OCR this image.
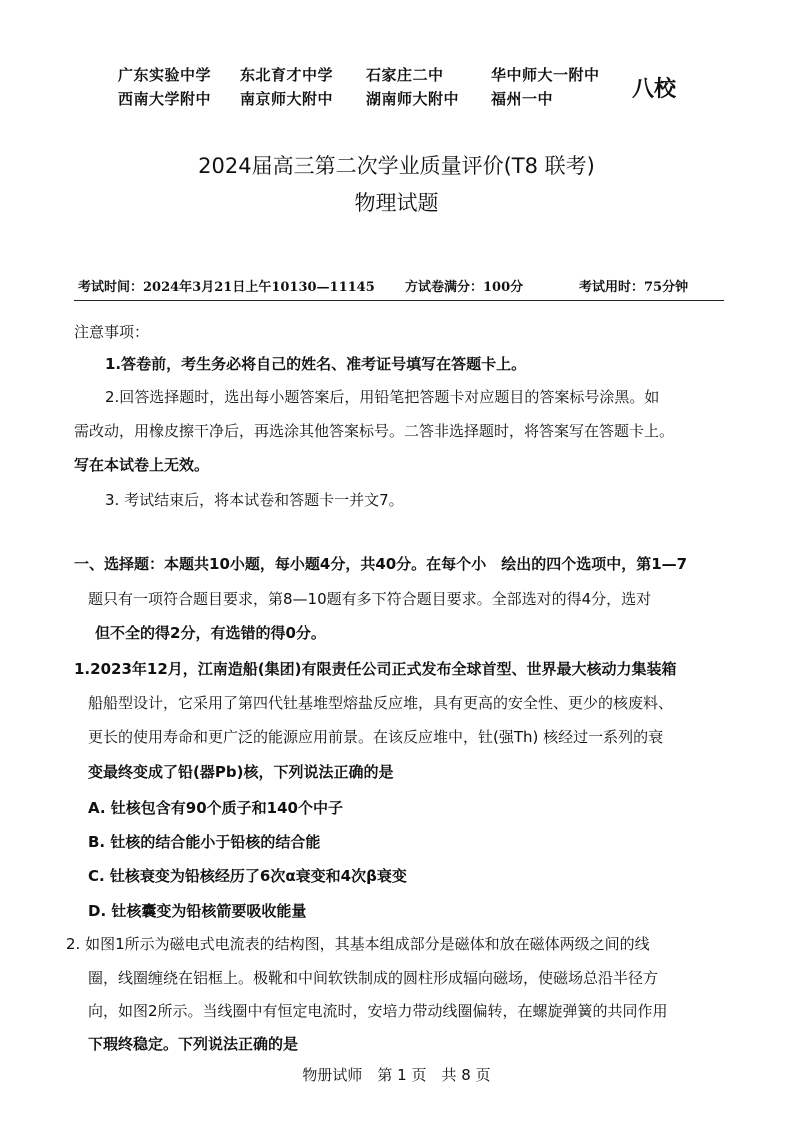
广东实验中学 东北育才中学 石家庄二中	华中师大一附中
西南大学附中 南京师大附中 湖南师大附中 福州一中	八校
2024届高三第二次学业质量评价(T8 联考)
物理试题
考试时间：2024年3月21日上午10130—11145 方试卷满分：100分	考试用时：75分钟
注意事项：
1.答卷前，考生务必将自己的姓名、准考证号填写在答题卡上。
2.回答选择题时，选出每小题答案后，用铅笔把答题卡对应题目的答案标号涂黑。如
需改动，用橡皮擦干净后，再选涂其他答案标号。二答非选择题时，将答案写在答题卡上。
写在本试卷上无效。
3. 考试结束后，将本试卷和答题卡一并文7。
一、选择题：本题共10小题，每小题4分，共40分。在每个小　绘出的四个选项中，第1—7
题只有一项符合题目要求，第8—10题有多下符合题目要求。全部选对的得4分，选对
但不全的得2分，有选错的得0分。
1.2023年12月，江南造船(集团)有限责任公司正式发布全球首型、世界最大核动力集装箱
船船型设计，它采用了第四代钍基堆型熔盐反应堆，具有更高的安全性、更少的核废料、
更长的使用寿命和更广泛的能源应用前景。在该反应堆中，钍(强Th) 核经过一系列的衰
变最终变成了铅(器Pb)核，下列说法正确的是
A. 钍核包含有90个质子和140个中子
B. 钍核的结合能小于铅核的结合能
C. 钍核衰变为铅核经历了6次α衰变和4次β衰变
D. 钍核囊变为铅核箭要吸收能量
2. 如图1所示为磁电式电流表的结构图，其基本组成部分是磁体和放在磁体两级之间的线
圈，线圈缠绕在铝框上。极靴和中间软铁制成的圆柱形成辐向磁场，使磁场总沿半径方
向，如图2所示。当线圈中有恒定电流时，安培力带动线圈偏转，在螺旋弹簧的共同作用
下瑕终稳定。下列说法正确的是
物册试师　第 1 页　共 8 页
